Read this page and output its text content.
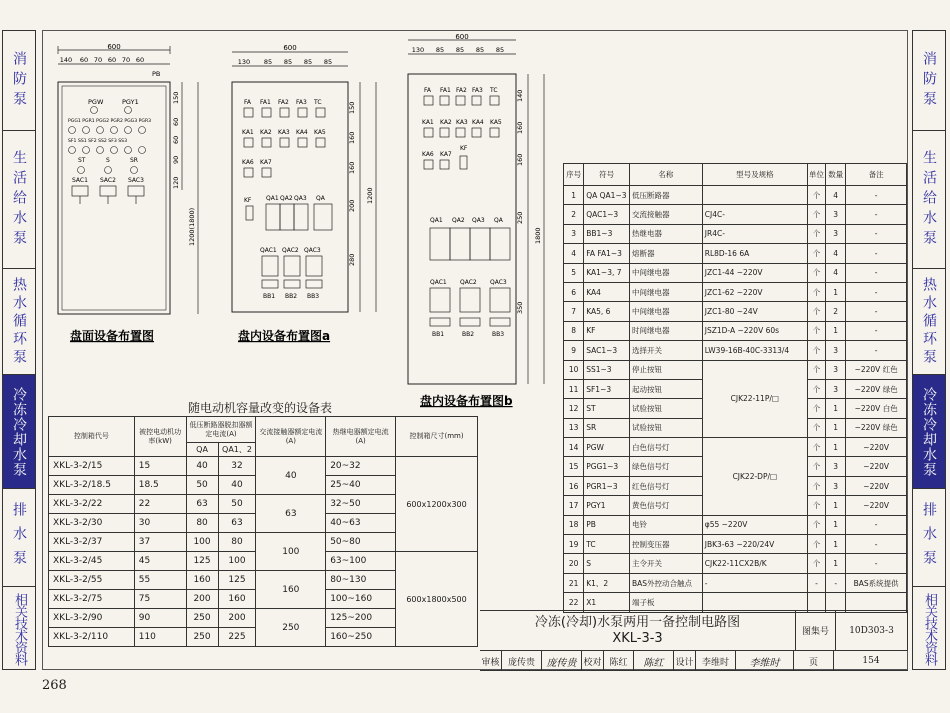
消防泵
生活给水泵
热水循环泵
冷冻冷却水泵
排水泵
相关技术资料
消防泵
生活给水泵
热水循环泵
冷冻冷却水泵
排水泵
相关技术资料
600
140 60 70 60 70 60
PB
PGW	PGY1
PGG1 PGR1 PGG2 PGR2 PGG3 PGR3
SF1 SS1 SF2 SS2 SF3 SS3
ST	S	SR
SAC1 SAC2 SAC3
150
60
60
90
120
1200(1800)
盘面设备布置图
600
130 85 85 85 85
FA FA1 FA2 FA3 TC
KA1 KA2 KA3 KA4 KA5
KA6 KA7
KF QA1 QA2 QA3 QA
QAC1 QAC2 QAC3
BB1 BB2 BB3
150
160
160
200
280
1200
盘内设备布置图a
600
130 85 85 85 85
FA FA1 FA2 FA3 TC
KA1 KA2 KA3 KA4 KA5
KA6 KA7
KF
QA1 QA2 QA3 QA
QAC1 QAC2 QAC3
BB1	BB2	BB3
140
160
160
250
350
1800
盘内设备布置图b
序号	符号	名称	型号及规格	单位	数量	备注
1	QA QA1~3	低压断路器		个	4	-
2	QAC1~3	交流接触器	CJ4C-	个	3	-
3	BB1~3	热继电器	JR4C-	个	3	-
4	FA FA1~3	熔断器	RL8D-16 6A	个	4	-
5	KA1~3, 7	中间继电器	JZC1-44 ~220V	个	4	-
6	KA4	中间继电器	JZC1-62 ~220V	个	1	-
7	KA5, 6	中间继电器	JZC1-80 ~24V	个	2	-
8	KF	时间继电器	JSZ1D-A ~220V 60s	个	1	-
9	SAC1~3	选择开关	LW39-16B-40C-3313/4	个	3	-
10	SS1~3	停止按钮	CJK22-11P/□	个	3	~220V 红色
11	SF1~3	起动按钮		个	3	~220V 绿色
12	ST	试验按钮		个	1	~220V 白色
13	SR	试验按钮		个	1	~220V 绿色
14	PGW	白色信号灯	CJK22-DP/□	个	1	~220V
15	PGG1~3	绿色信号灯		个	3	~220V
16	PGR1~3	红色信号灯		个	3	~220V
17	PGY1	黄色信号灯		个	1	~220V
18	PB	电铃	φ55 ~220V	个	1	-
19	TC	控制变压器	JBK3-63 ~220/24V	个	1	-
20	S	主令开关	CJK22-11CX2B/K	个	1	-
21	K1、2	BAS外控动合触点	-	-	-	BAS系统提供
22	X1	端子板				
随电动机容量改变的设备表
控制箱代号	被控电动机功率(kW)	低压断路器脱扣器额定电流(A)		交流接触器额定电流(A)	热继电器额定电流(A)	控制箱尺寸(mm)
		QA	QA1、2			
XKL-3-2/15	15	40	32	40	20~32	600x1200x300
XKL-3-2/18.5	18.5	50	40		25~40	
XKL-3-2/22	22	63	50	63	32~50	
XKL-3-2/30	30	80	63		40~63	
XKL-3-2/37	37	100	80	100	50~80	
XKL-3-2/45	45	125	100		63~100	600x1800x500
XKL-3-2/55	55	160	125	160	80~130	
XKL-3-2/75	75	200	160		100~160	
XKL-3-2/90	90	250	200	250	125~200	
XKL-3-2/110	110	250	225		160~250	
冷冻(冷却)水泵两用一备控制电路图
XKL-3-3	图集号	10D303-3
审核 庞传贵	庞传贵 校对 陈红	陈红	设计 李维时	李维时	页	154
268
